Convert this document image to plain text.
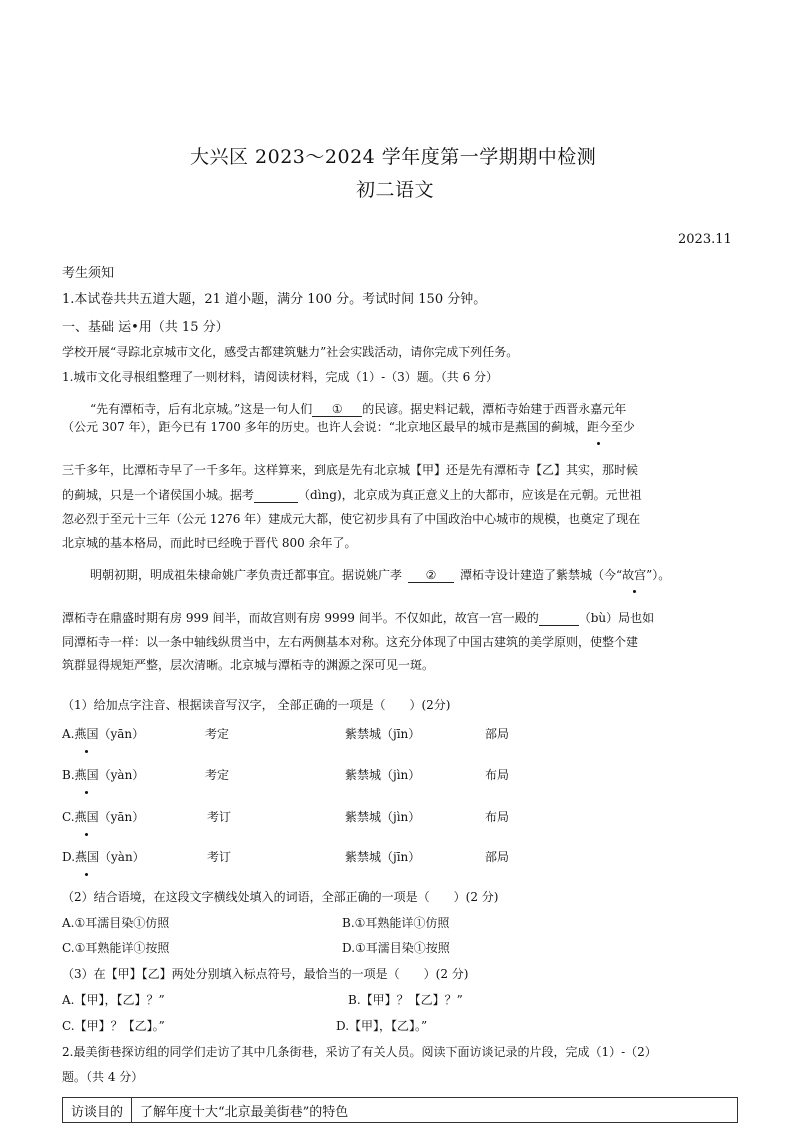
大兴区 2023～2024 学年度第一学期期中检测
初二语文
2023.11
考生须知
1.本试卷共共五道大题，21 道小题，满分 100 分。考试时间 150 分钟。
一、基础 运•用（共 15 分）
学校开展“寻踪北京城市文化，感受古都建筑魅力”社会实践活动，请你完成下列任务。
1.城市文化寻根组整理了一则材料，请阅读材料，完成（1）-（3）题。（共 6 分）
“先有潭柘寺，后有北京城。”这是一句人们 ① 的民谚。据史料记载，潭柘寺始建于西晋永嘉元年
（公元 307 年），距今已有 1700 多年的历史。也许人会说：“北京地区最早的城市是燕国的蓟城，距今至少
三千多年，比潭柘寺早了一千多年。这样算来，到底是先有北京城【甲】还是先有潭柘寺【乙】其实，那时候
的蓟城，只是一个诸侯国小城。据考	（dìng)，北京成为真正意义上的大都市，应该是在元朝。元世祖
忽必烈于至元十三年（公元 1276 年）建成元大都，使它初步具有了中国政治中心城市的规模，也奠定了现在
北京城的基本格局，而此时已经晚于晋代 800 余年了。
明朝初期，明成祖朱棣命姚广孝负责迁都事宜。据说姚广孝 ② 潭柘寺设计建造了紫禁城（今“故宫”）。
潭柘寺在鼎盛时期有房 999 间半，而故宫则有房 9999 间半。不仅如此，故宫一宫一殿的	（bù）局也如
同潭柘寺一样：以一条中轴线纵贯当中，左右两侧基本对称。这充分体现了中国古建筑的美学原则，使整个建
筑群显得规矩严整，层次清晰。北京城与潭柘寺的渊源之深可见一斑。
（1）给加点字注音、根据读音写汉字， 全部正确的一项是（　　）(2分)
A.燕国（yān）	考定	紫禁城（jīn）	部局
B.燕国（yàn）	考定	紫禁城（jìn）	布局
C.燕国（yān）	考订	紫禁城（jìn）	布局
D.燕国（yàn）	考订	紫禁城（jīn）	部局
（2）结合语境，在这段文字横线处填入的词语，全部正确的一项是（　　）(2 分)
A.①耳濡目染①仿照	B.①耳熟能详①仿照
C.①耳熟能详①按照	D.①耳濡目染①按照
（3）在【甲】【乙】两处分别填入标点符号，最恰当的一项是（　　）(2 分)
A.【甲】，【乙】？”	B.【甲】？【乙】？”
C.【甲】？【乙】。”	D.【甲】，【乙】。”
2.最美街巷探访组的同学们走访了其中几条街巷，采访了有关人员。阅读下面访谈记录的片段，完成（1）-（2）
题。（共 4 分）
访谈目的	了解年度十大“北京最美街巷”的特色
